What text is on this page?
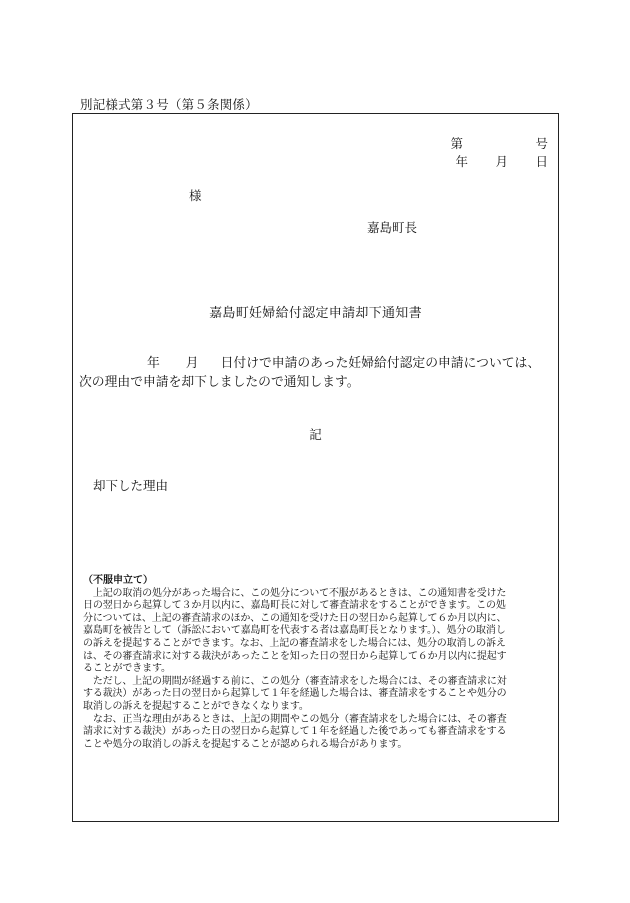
別記様式第３号（第５条関係）
第	号
年 月 日
様
嘉島町長
嘉島町妊婦給付認定申請却下通知書
年 月 日付けで申請のあった妊婦給付認定の申請については、
次の理由で申請を却下しましたので通知します。
記
却下した理由
（不服申立て）
　上記の取消の処分があった場合に、この処分について不服があるときは、この通知書を受けた
日の翌日から起算して３か月以内に、嘉島町長に対して審査請求をすることができます。この処
分については、上記の審査請求のほか、この通知を受けた日の翌日から起算して６か月以内に、
嘉島町を被告として（訴訟において嘉島町を代表する者は嘉島町長となります。）、処分の取消し
の訴えを提起することができます。なお、上記の審査請求をした場合には、処分の取消しの訴え
は、その審査請求に対する裁決があったことを知った日の翌日から起算して６か月以内に提起す
ることができます。
　ただし、上記の期間が経過する前に、この処分（審査請求をした場合には、その審査請求に対
する裁決）があった日の翌日から起算して１年を経過した場合は、審査請求をすることや処分の
取消しの訴えを提起することができなくなります。
　なお、正当な理由があるときは、上記の期間やこの処分（審査請求をした場合には、その審査
請求に対する裁決）があった日の翌日から起算して１年を経過した後であっても審査請求をする
ことや処分の取消しの訴えを提起することが認められる場合があります。
